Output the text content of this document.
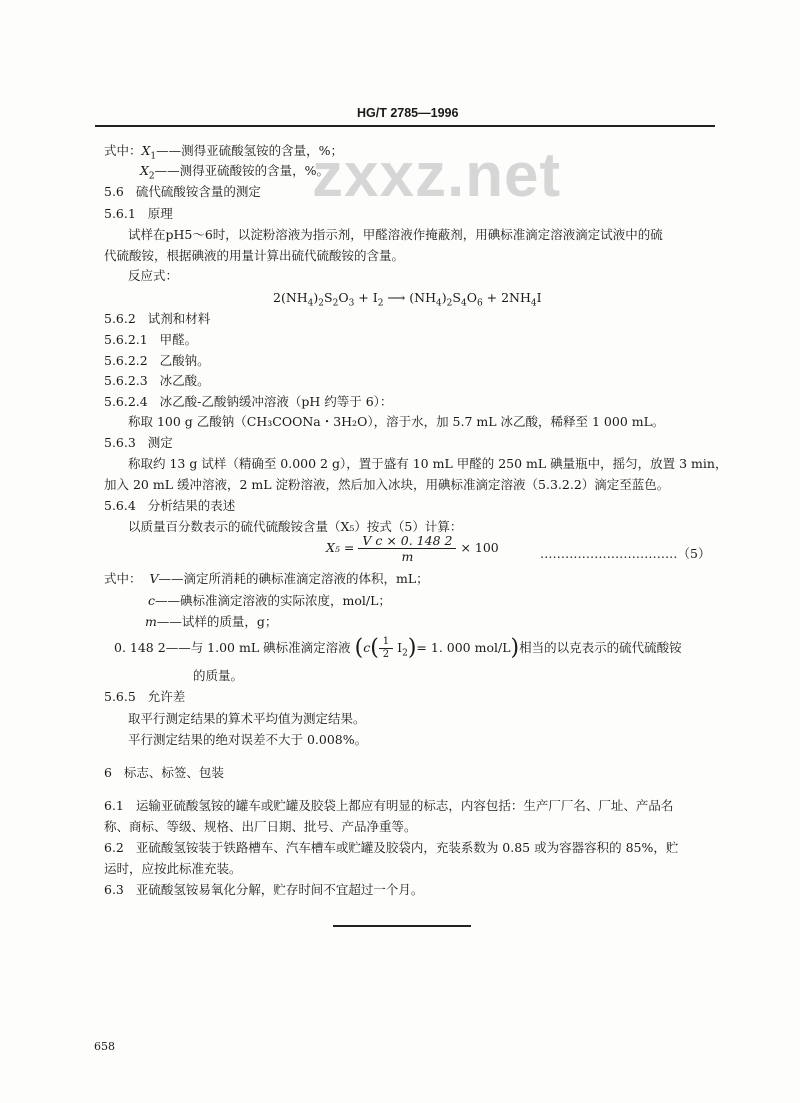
HG/T 2785—1996
zxxz.net
式中：$X_1——$测得亚硫酸氢铵的含量，%；
$X_2——$测得亚硫酸铵的含量，%。
5.6 硫代硫酸铵含量的测定
5.6.1 原理
试样在pH5～6时，以淀粉溶液为指示剂，甲醛溶液作掩蔽剂，用碘标准滴定溶液滴定试液中的硫
代硫酸铵，根据碘液的用量计算出硫代硫酸铵的含量。
反应式：
$2(NH_4)_2S_2O_3 + I_2$ ⟶ $(NH_4)_2S_4O_6 + 2NH_4I$
5.6.2 试剂和材料
5.6.2.1 甲醛。
5.6.2.2 乙酸钠。
5.6.2.3 冰乙酸。
5.6.2.4 冰乙酸-乙酸钠缓冲溶液（pH 约等于 6）：
称取 100 g 乙酸钠（CH₃COONa・3H₂O），溶于水，加 5.7 mL 冰乙酸，稀释至 1 000 mL。
5.6.3 测定
称取约 13 g 试样（精确至 0.000 2 g），置于盛有 10 mL 甲醛的 250 mL 碘量瓶中，摇匀，放置 3 min，
加入 20 mL 缓冲溶液，2 mL 淀粉溶液，然后加入冰块，用碘标准滴定溶液（5.3.2.2）滴定至蓝色。
5.6.4 分析结果的表述
以质量百分数表示的硫代硫酸铵含量（X₅）按式（5）计算：
$X_5 = \frac{\text{V c × 0. 148 2}}{m} \times 100$	……………………………（5）
式中： V——滴定所消耗的碘标准滴定溶液的体积，mL；
c——碘标准滴定溶液的实际浓度，mol/L；
m——试样的质量，g；
0. 148 2——与 1.00 mL 碘标准滴定溶液 ($c( \frac{1}{2} I_2)= 1$. 000 mol/L)相当的以克表示的硫代硫酸铵
的质量。
5.6.5 允许差
取平行测定结果的算术平均值为测定结果。
平行测定结果的绝对误差不大于 0.008%。
6 标志、标签、包装
6.1 运输亚硫酸氢铵的罐车或贮罐及胶袋上都应有明显的标志，内容包括：生产厂厂名、厂址、产品名
称、商标、等级、规格、出厂日期、批号、产品净重等。
6.2 亚硫酸氢铵装于铁路槽车、汽车槽车或贮罐及胶袋内，充装系数为 0.85 或为容器容积的 85%，贮
运时，应按此标准充装。
6.3 亚硫酸氢铵易氧化分解，贮存时间不宜超过一个月。
658
